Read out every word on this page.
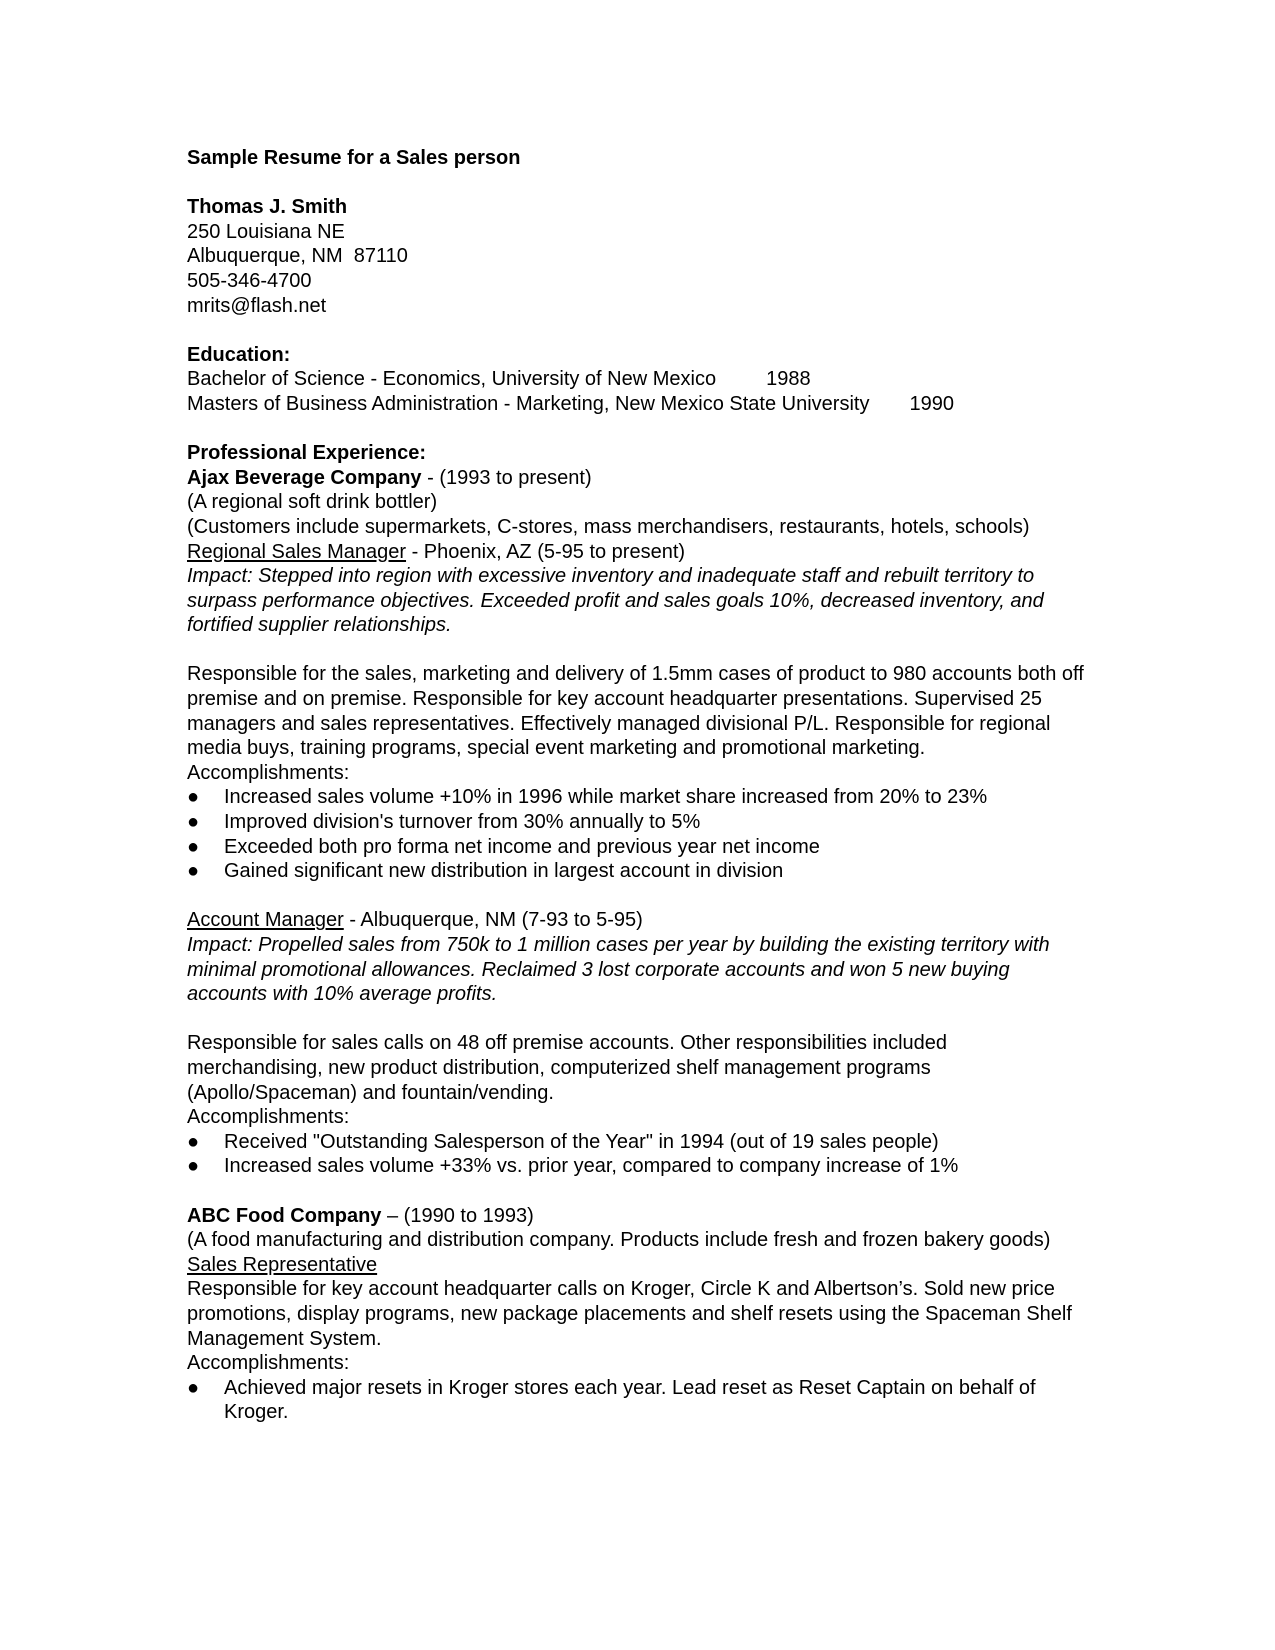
Sample Resume for a Sales person
Thomas J. Smith
250 Louisiana NE
Albuquerque, NM  87110
505-346-4700
mrits@flash.net
Education:
Bachelor of Science - Economics, University of New Mexico	1988
Masters of Business Administration - Marketing, New Mexico State University 1990
Professional Experience:
Ajax Beverage Company - (1993 to present)
(A regional soft drink bottler)
(Customers include supermarkets, C-stores, mass merchandisers, restaurants, hotels, schools)
Regional Sales Manager - Phoenix, AZ (5-95 to present)
Impact: Stepped into region with excessive inventory and inadequate staff and rebuilt territory to surpass performance objectives. Exceeded profit and sales goals 10%, decreased inventory, and fortified supplier relationships.
Responsible for the sales, marketing and delivery of 1.5mm cases of product to 980 accounts both off premise and on premise. Responsible for key account headquarter presentations. Supervised 25 managers and sales representatives. Effectively managed divisional P/L. Responsible for regional media buys, training programs, special event marketing and promotional marketing.
Accomplishments:
●	Increased sales volume +10% in 1996 while market share increased from 20% to 23%
●	Improved division's turnover from 30% annually to 5%
●	Exceeded both pro forma net income and previous year net income
●	Gained significant new distribution in largest account in division
Account Manager - Albuquerque, NM (7-93 to 5-95)
Impact: Propelled sales from 750k to 1 million cases per year by building the existing territory with minimal promotional allowances. Reclaimed 3 lost corporate accounts and won 5 new buying accounts with 10% average profits.
Responsible for sales calls on 48 off premise accounts. Other responsibilities included merchandising, new product distribution, computerized shelf management programs (Apollo/Spaceman) and fountain/vending.
Accomplishments:
●	Received "Outstanding Salesperson of the Year" in 1994 (out of 19 sales people)
●	Increased sales volume +33% vs. prior year, compared to company increase of 1%
ABC Food Company – (1990 to 1993)
(A food manufacturing and distribution company. Products include fresh and frozen bakery goods)
Sales Representative
Responsible for key account headquarter calls on Kroger, Circle K and Albertson’s. Sold new price promotions, display programs, new package placements and shelf resets using the Spaceman Shelf Management System.
Accomplishments:
●	Achieved major resets in Kroger stores each year. Lead reset as Reset Captain on behalf of Kroger.
